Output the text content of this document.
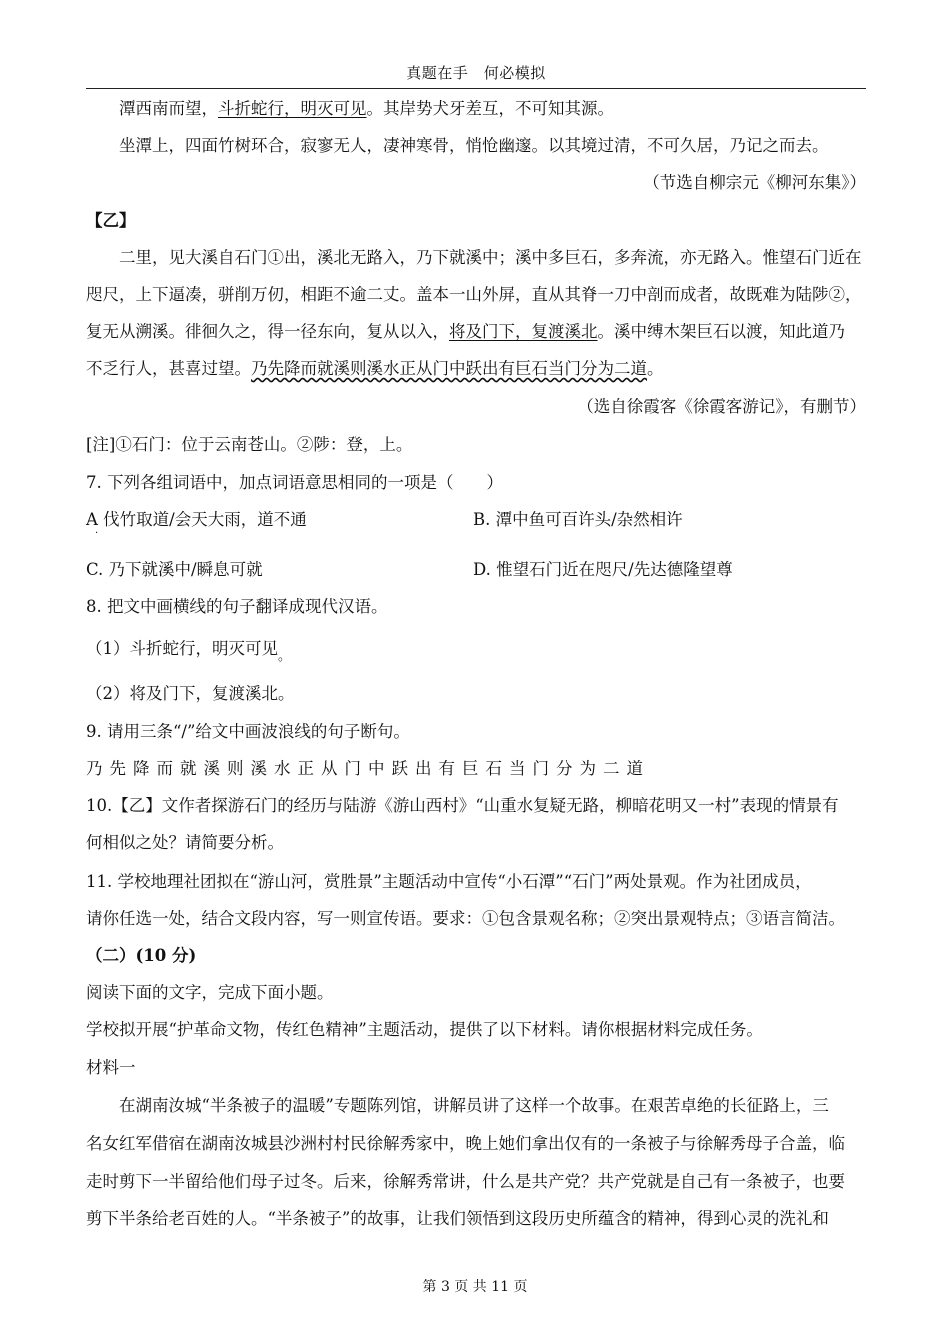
真题在手　何必模拟
潭西南而望，斗折蛇行，明灭可见。其岸势犬牙差互，不可知其源。
坐潭上，四面竹树环合，寂寥无人，凄神寒骨，悄怆幽邃。以其境过清，不可久居，乃记之而去。
（节选自柳宗元《柳河东集》）
【乙】
二里，见大溪自石门①出，溪北无路入，乃下就溪中；溪中多巨石，多奔流，亦无路入。惟望石门近在
咫尺，上下逼凑，骈削万仞，相距不逾二丈。盖本一山外屏，直从其脊一刀中剖而成者，故既难为陆陟②，
复无从溯溪。徘徊久之，得一径东向，复从以入，将及门下，复渡溪北。溪中缚木架巨石以渡，知此道乃
不乏行人，甚喜过望。乃先降而就溪则溪水正从门中跃出有巨石当门分为二道。
（选自徐霞客《徐霞客游记》，有删节）
[注]①石门：位于云南苍山。②陟：登，上。
7. 下列各组词语中，加点词语意思相同的一项是（　　）
A 伐竹取道/会天大雨，道不通	B. 潭中鱼可百许头/杂然相许
·
C. 乃下就溪中/瞬息可就	D. 惟望石门近在咫尺/先达德隆望尊
8. 把文中画横线的句子翻译成现代汉语。
（1）斗折蛇行，明灭可见$_。$
（2）将及门下，复渡溪北。
9. 请用三条“/”给文中画波浪线的句子断句。
乃先降而就溪则溪水正从门中跃出有巨石当门分为二道
10.【乙】文作者探游石门的经历与陆游《游山西村》“山重水复疑无路，柳暗花明又一村”表现的情景有
何相似之处？请简要分析。
11. 学校地理社团拟在“游山河，赏胜景”主题活动中宣传“小石潭”“石门”两处景观。作为社团成员，
请你任选一处，结合文段内容，写一则宣传语。要求：①包含景观名称；②突出景观特点；③语言简洁。
（二）(10 分)
阅读下面的文字，完成下面小题。
学校拟开展“护革命文物，传红色精神”主题活动，提供了以下材料。请你根据材料完成任务。
材料一
在湖南汝城“半条被子的温暖”专题陈列馆，讲解员讲了这样一个故事。在艰苦卓绝的长征路上，三
名女红军借宿在湖南汝城县沙洲村村民徐解秀家中，晚上她们拿出仅有的一条被子与徐解秀母子合盖，临
走时剪下一半留给他们母子过冬。后来，徐解秀常讲，什么是共产党？共产党就是自己有一条被子，也要
剪下半条给老百姓的人。“半条被子”的故事，让我们领悟到这段历史所蕴含的精神，得到心灵的洗礼和
第 3 页 共 11 页
